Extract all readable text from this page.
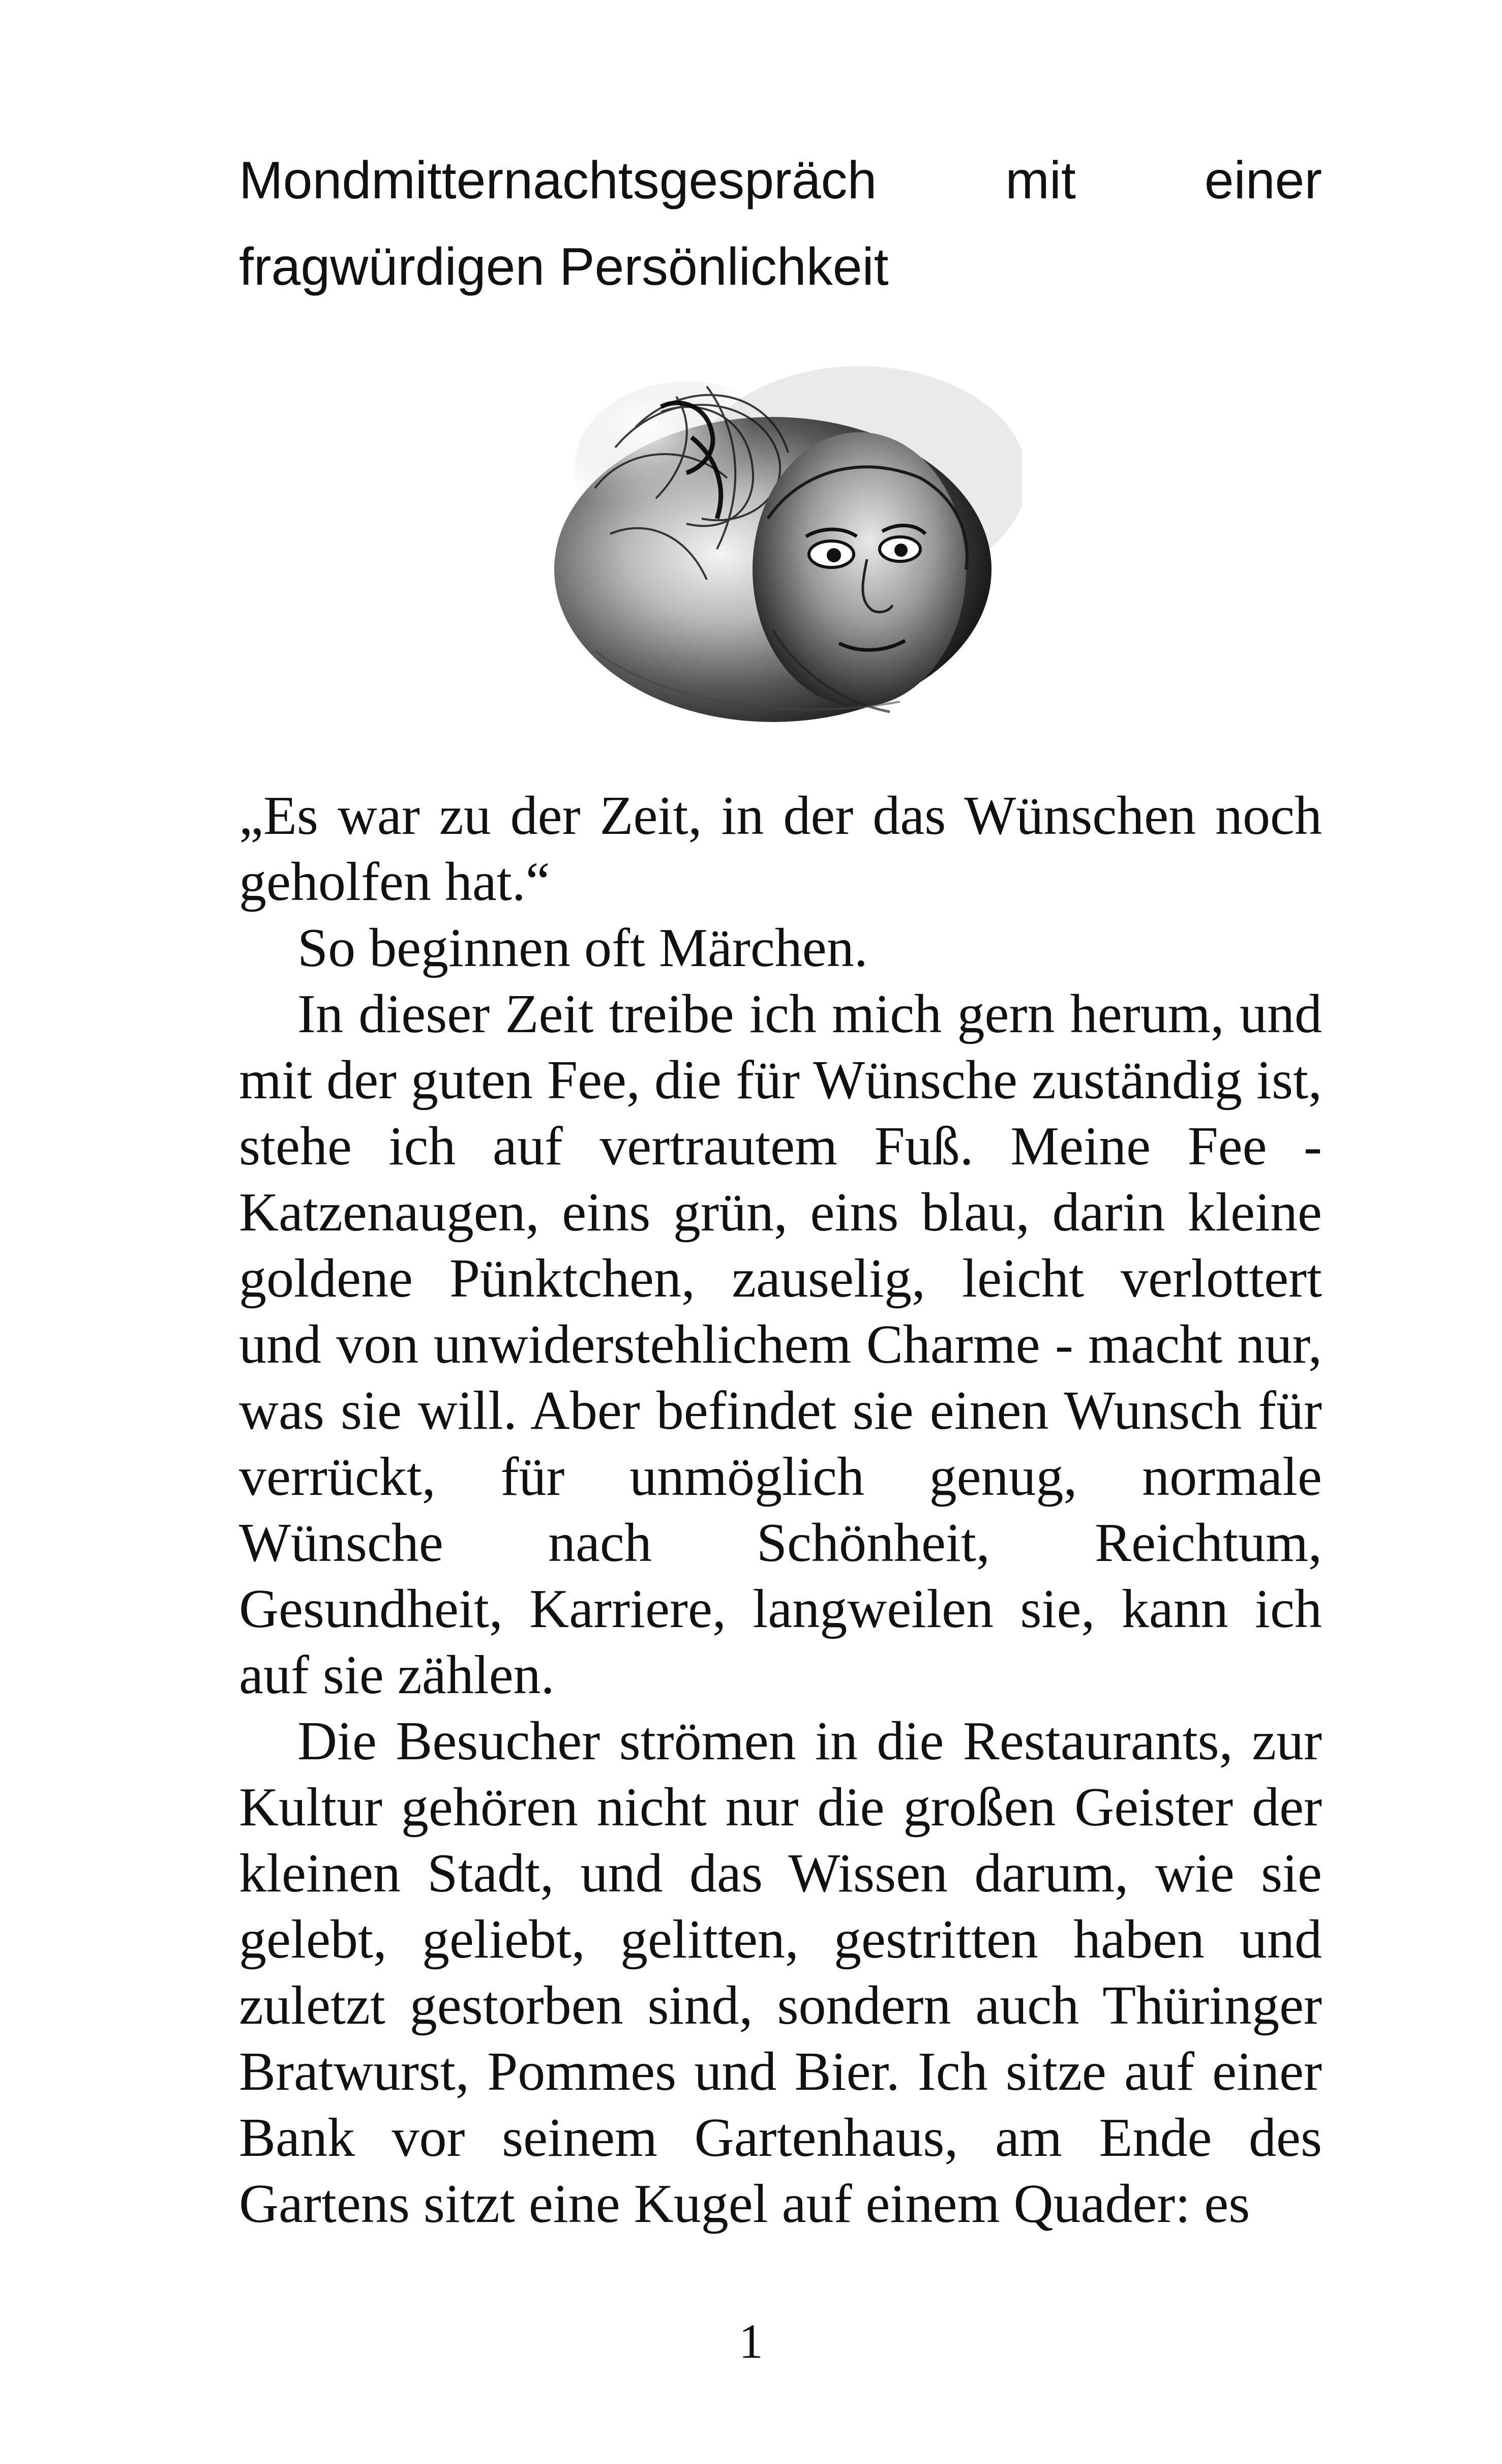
Mondmitternachtsgespräch mit einer
fragwürdigen Persönlichkeit

„Es war zu der Zeit, in der das Wünschen noch geholfen hat.“

So beginnen oft Märchen.

In dieser Zeit treibe ich mich gern herum, und mit der guten Fee, die für Wünsche zuständig ist, stehe ich auf vertrautem Fuß. Meine Fee - Katzenaugen, eins grün, eins blau, darin kleine goldene Pünktchen, zauselig, leicht verlottert und von unwiderstehlichem Charme - macht nur, was sie will. Aber befindet sie einen Wunsch für verrückt, für unmöglich genug, normale Wünsche nach Schönheit, Reichtum, Gesundheit, Karriere, langweilen sie, kann ich auf sie zählen.

Die Besucher strömen in die Restaurants, zur Kultur gehören nicht nur die großen Geister der kleinen Stadt, und das Wissen darum, wie sie gelebt, geliebt, gelitten, gestritten haben und zuletzt gestorben sind, sondern auch Thüringer Bratwurst, Pommes und Bier. Ich sitze auf einer Bank vor seinem Gartenhaus, am Ende des Gartens sitzt eine Kugel auf einem Quader: es

1
